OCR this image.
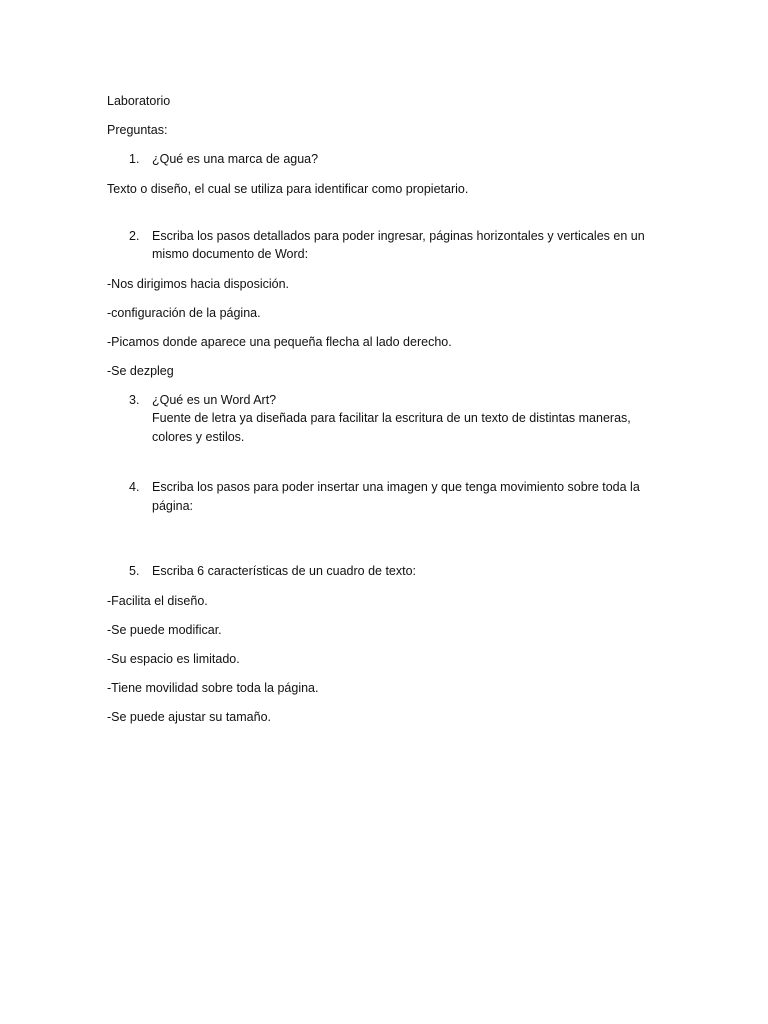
Laboratorio

Preguntas:

1. ¿Qué es una marca de agua?

Texto o diseño, el cual se utiliza para identificar como propietario.

2. Escriba los pasos detallados para poder ingresar, páginas horizontales y verticales en un
mismo documento de Word:

-Nos dirigimos hacia disposición.

-configuración de la página.

-Picamos donde aparece una pequeña flecha al lado derecho.

-Se dezpleg

3. ¿Qué es un Word Art?
Fuente de letra ya diseñada para facilitar la escritura de un texto de distintas maneras,
colores y estilos.
4. Escriba los pasos para poder insertar una imagen y que tenga movimiento sobre toda la
página:
5. Escriba 6 características de un cuadro de texto:

-Facilita el diseño.

-Se puede modificar.

-Su espacio es limitado.

-Tiene movilidad sobre toda la página.

-Se puede ajustar su tamaño.
